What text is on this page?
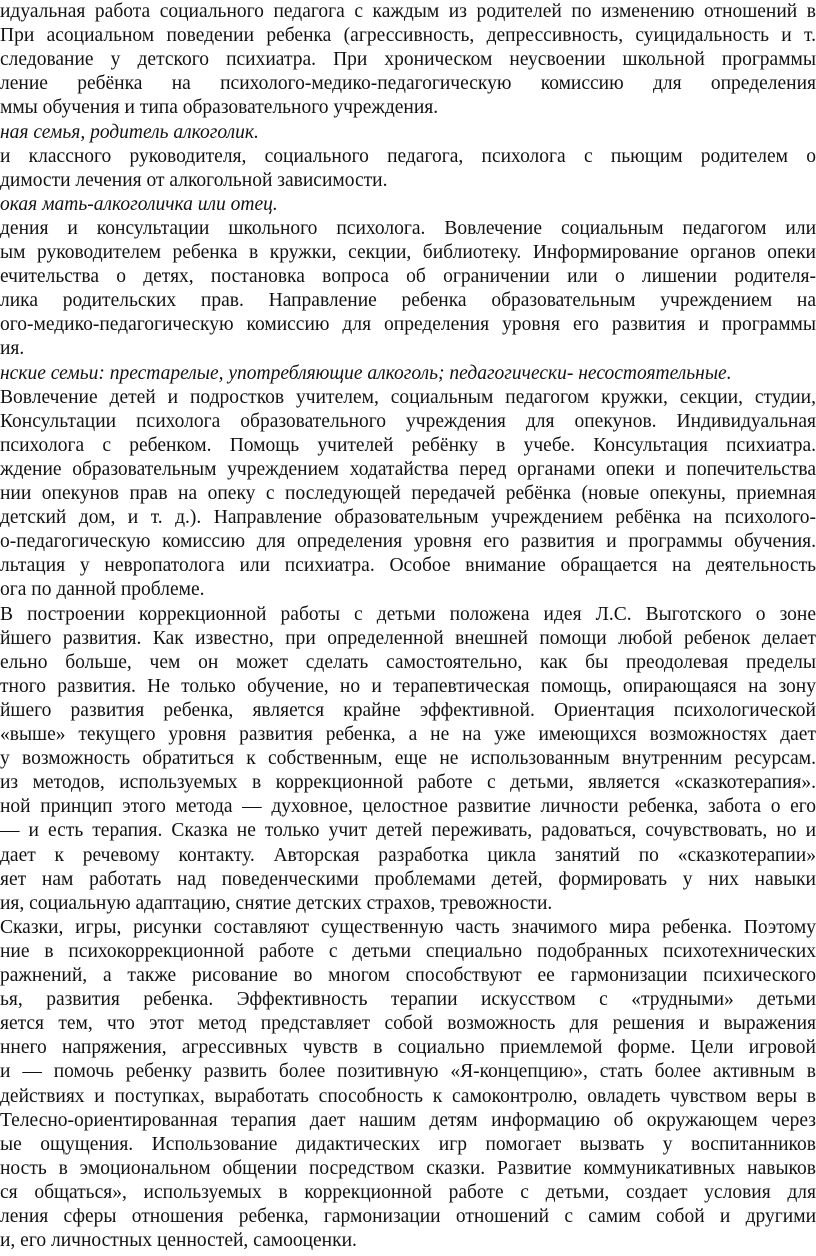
идуальная работа социального педагога с каждым из родителей по изменению отношений в
При асоциальном поведении ребенка (агрессивность, депрессивность, суицидальность и т.
следование у детского психиатра. При хроническом неусвоении школьной программы
ление ребёнка на психолого-медико-педагогическую комиссию для определения
ммы обучения и типа образовательного учреждения.
ная семья, родитель алкоголик.
и классного руководителя, социального педагога, психолога с пьющим родителем о
димости лечения от алкогольной зависимости.
окая мать-алкоголичка или отец.
дения и консультации школьного психолога. Вовлечение социальным педагогом или
ым руководителем ребенка в кружки, секции, библиотеку. Информирование органов опеки
ечительства о детях, постановка вопроса об ограничении или о лишении родителя-
лика родительских прав. Направление ребенка образовательным учреждением на
ого-медико-педагогическую комиссию для определения уровня его развития и программы
ия.
нские семьи: престарелые, употребляющие алкоголь; педагогически- несостоятельные.
Вовлечение детей и подростков учителем, социальным педагогом кружки, секции, студии,
Консультации психолога образовательного учреждения для опекунов. Индивидуальная
психолога с ребенком. Помощь учителей ребёнку в учебе. Консультация психиатра.
ждение образовательным учреждением ходатайства перед органами опеки и попечительства
нии опекунов прав на опеку с последующей передачей ребёнка (новые опекуны, приемная
детский дом, и т. д.). Направление образовательным учреждением ребёнка на психолого-
о-педагогическую комиссию для определения уровня его развития и программы обучения.
льтация у невропатолога или психиатра. Особое внимание обращается на деятельность
ога по данной проблеме.
В построении коррекционной работы с детьми положена идея Л.С. Выготского о зоне
йшего развития. Как известно, при определенной внешней помощи любой ребенок делает
ельно больше, чем он может сделать самостоятельно, как бы преодолевая пределы
тного развития. Не только обучение, но и терапевтическая помощь, опирающаяся на зону
йшего развития ребенка, является крайне эффективной. Ориентация психологической
«выше» текущего уровня развития ребенка, а не на уже имеющихся возможностях дает
у возможность обратиться к собственным, еще не использованным внутренним ресурсам.
из методов, используемых в коррекционной работе с детьми, является «сказкотерапия».
ной принцип этого метода — духовное, целостное развитие личности ребенка, забота о его
— и есть терапия. Сказка не только учит детей переживать, радоваться, сочувствовать, но и
дает к речевому контакту. Авторская разработка цикла занятий по «сказкотерапии»
яет нам работать над поведенческими проблемами детей, формировать у них навыки
ия, социальную адаптацию, снятие детских страхов, тревожности.
Сказки, игры, рисунки составляют существенную часть значимого мира ребенка. Поэтому
ние в психокоррекционной работе с детьми специально подобранных психотехнических
ражнений, а также рисование во многом способствуют ее гармонизации психического
ья, развития ребенка. Эффективность терапии искусством с «трудными» детьми
яется тем, что этот метод представляет собой возможность для решения и выражения
ннего напряжения, агрессивных чувств в социально приемлемой форме. Цели игровой
и — помочь ребенку развить более позитивную «Я-концепцию», стать более активным в
действиях и поступках, выработать способность к самоконтролю, овладеть чувством веры в
Телесно-ориентированная терапия дает нашим детям информацию об окружающем через
ые ощущения. Использование дидактических игр помогает вызвать у воспитанников
ность в эмоциональном общении посредством сказки. Развитие коммуникативных навыков
ся общаться», используемых в коррекционной работе с детьми, создает условия для
ления сферы отношения ребенка, гармонизации отношений с самим собой и другими
и, его личностных ценностей, самооценки.
